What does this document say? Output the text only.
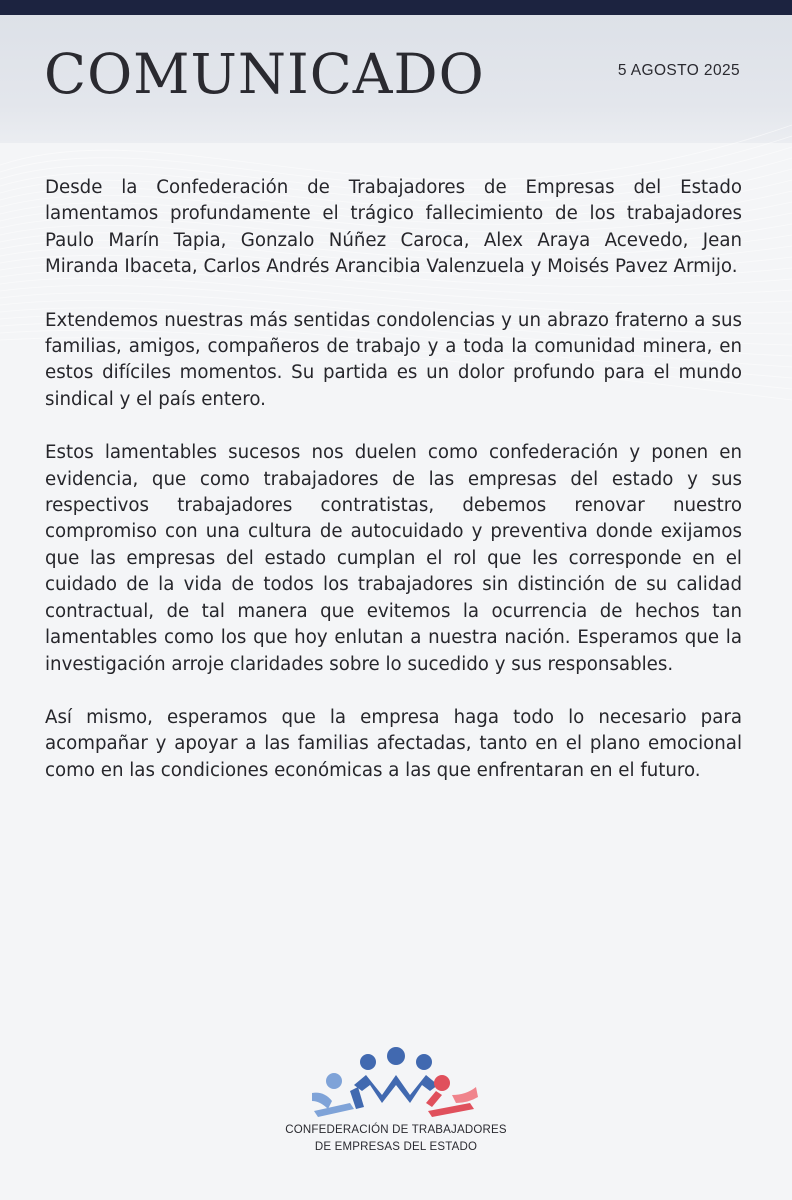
COMUNICADO	5 AGOSTO 2025

Desde la Confederación de Trabajadores de Empresas del Estado lamentamos profundamente el trágico fallecimiento de los trabajadores Paulo Marín Tapia, Gonzalo Núñez Caroca, Alex Araya Acevedo, Jean Miranda Ibaceta, Carlos Andrés Arancibia Valenzuela y Moisés Pavez Armijo.

Extendemos nuestras más sentidas condolencias y un abrazo fraterno a sus familias, amigos, compañeros de trabajo y a toda la comunidad minera, en estos difíciles momentos. Su partida es un dolor profundo para el mundo sindical y el país entero.

Estos lamentables sucesos nos duelen como confederación y ponen en evidencia, que como trabajadores de las empresas del estado y sus respectivos trabajadores contratistas, debemos renovar nuestro compromiso con una cultura de autocuidado y preventiva donde exijamos que las empresas del estado cumplan el rol que les corresponde en el cuidado de la vida de todos los trabajadores sin distinción de su calidad contractual, de tal manera que evitemos la ocurrencia de hechos tan lamentables como los que hoy enlutan a nuestra nación. Esperamos que la investigación arroje claridades sobre lo sucedido y sus responsables.

Así mismo, esperamos que la empresa haga todo lo necesario para acompañar y apoyar a las familias afectadas, tanto en el plano emocional como en las condiciones económicas a las que enfrentaran en el futuro.

CONFEDERACIÓN DE TRABAJADORES
DE EMPRESAS DEL ESTADO
